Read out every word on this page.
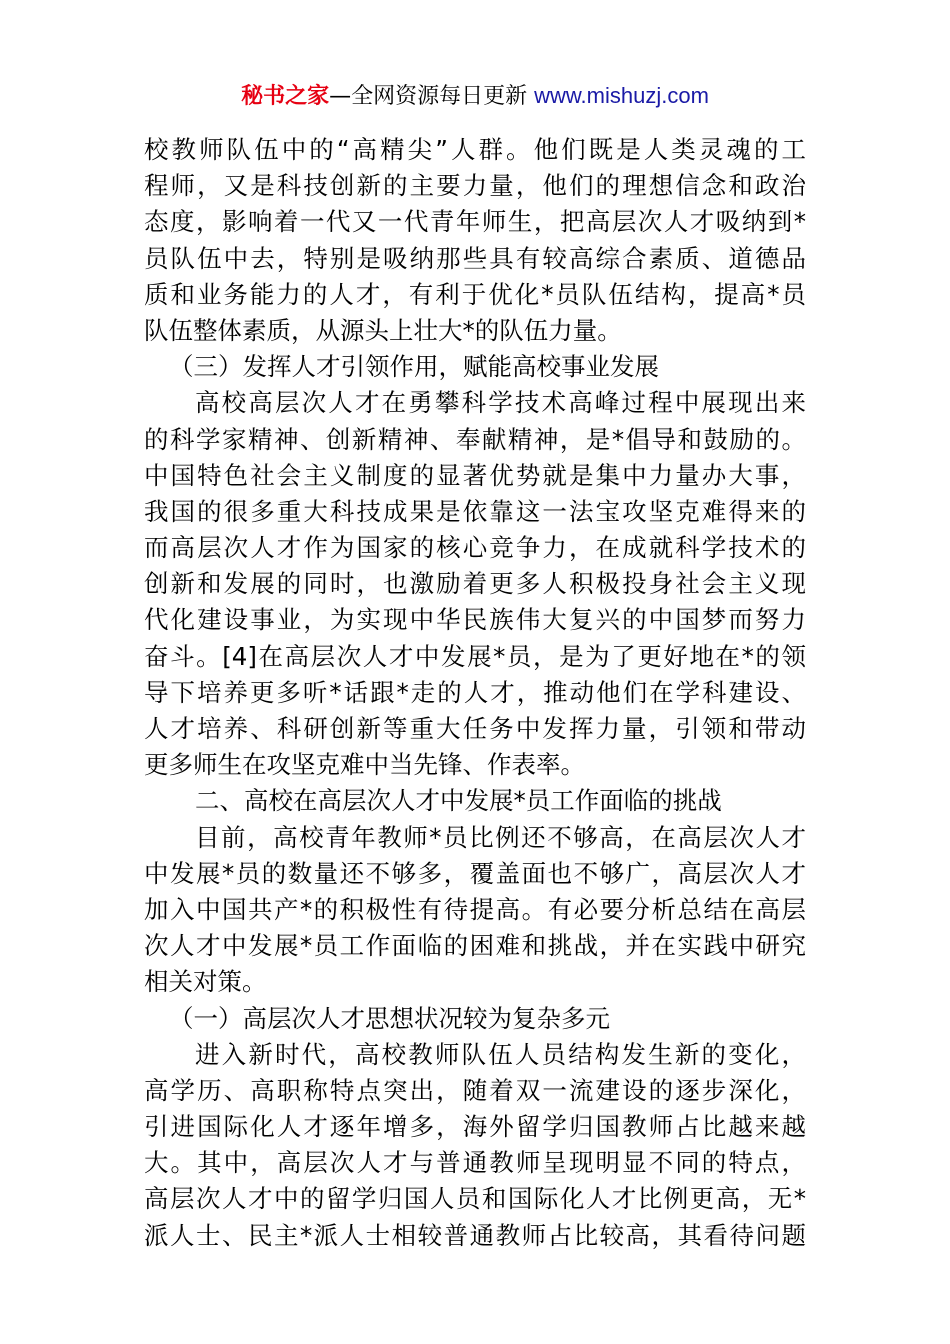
秘书之家—全网资源每日更新 www.mishuzj.com
校教师队伍中的“高精尖”人群。他们既是人类灵魂的工
程师，又是科技创新的主要力量，他们的理想信念和政治
态度，影响着一代又一代青年师生，把高层次人才吸纳到*
员队伍中去，特别是吸纳那些具有较高综合素质、道德品
质和业务能力的人才，有利于优化*员队伍结构，提高*员
队伍整体素质，从源头上壮大*的队伍力量。
（三）发挥人才引领作用，赋能高校事业发展
高校高层次人才在勇攀科学技术高峰过程中展现出来
的科学家精神、创新精神、奉献精神，是*倡导和鼓励的。
中国特色社会主义制度的显著优势就是集中力量办大事，
我国的很多重大科技成果是依靠这一法宝攻坚克难得来的
而高层次人才作为国家的核心竞争力，在成就科学技术的
创新和发展的同时，也激励着更多人积极投身社会主义现
代化建设事业，为实现中华民族伟大复兴的中国梦而努力
奋斗。[4]在高层次人才中发展*员，是为了更好地在*的领
导下培养更多听*话跟*走的人才，推动他们在学科建设、
人才培养、科研创新等重大任务中发挥力量，引领和带动
更多师生在攻坚克难中当先锋、作表率。
二、高校在高层次人才中发展*员工作面临的挑战
目前，高校青年教师*员比例还不够高，在高层次人才
中发展*员的数量还不够多，覆盖面也不够广，高层次人才
加入中国共产*的积极性有待提高。有必要分析总结在高层
次人才中发展*员工作面临的困难和挑战，并在实践中研究
相关对策。
（一）高层次人才思想状况较为复杂多元
进入新时代，高校教师队伍人员结构发生新的变化，
高学历、高职称特点突出，随着双一流建设的逐步深化，
引进国际化人才逐年增多，海外留学归国教师占比越来越
大。其中，高层次人才与普通教师呈现明显不同的特点，
高层次人才中的留学归国人员和国际化人才比例更高，无*
派人士、民主*派人士相较普通教师占比较高，其看待问题
